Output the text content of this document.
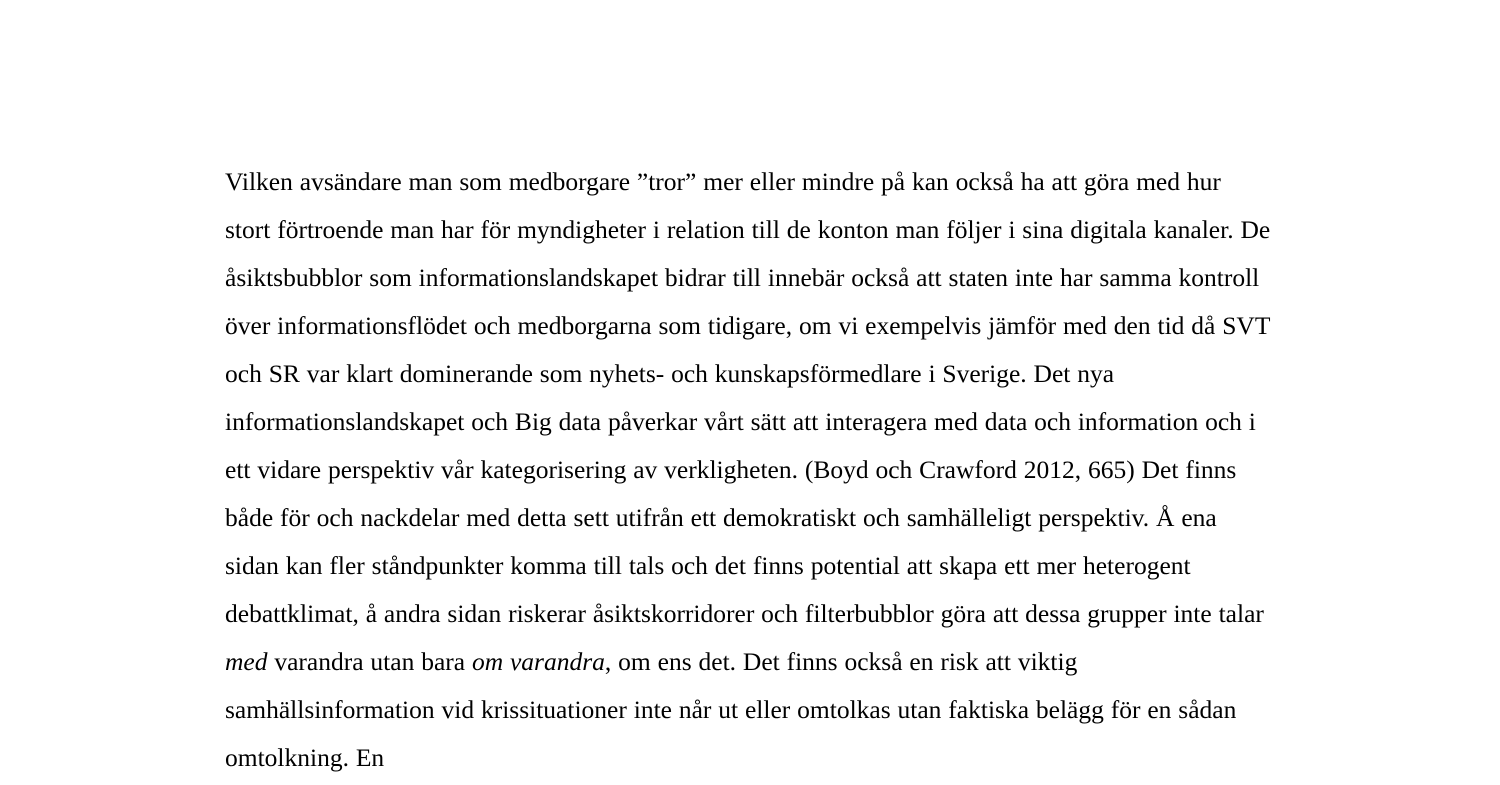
Vilken avsändare man som medborgare ”tror” mer eller mindre på kan också ha att göra med hur stort förtroende man har för myndigheter i relation till de konton man följer i sina digitala kanaler. De åsiktsbubblor som informationslandskapet bidrar till innebär också att staten inte har samma kontroll över informationsflödet och medborgarna som tidigare, om vi exempelvis jämför med den tid då SVT och SR var klart dominerande som nyhets- och kunskapsförmedlare i Sverige. Det nya informationslandskapet och Big data påverkar vårt sätt att interagera med data och information och i ett vidare perspektiv vår kategorisering av verkligheten. (Boyd och Crawford 2012, 665) Det finns både för och nackdelar med detta sett utifrån ett demokratiskt och samhälleligt perspektiv. Å ena sidan kan fler ståndpunkter komma till tals och det finns potential att skapa ett mer heterogent debattklimat, å andra sidan riskerar åsiktskorridorer och filterbubblor göra att dessa grupper inte talar med varandra utan bara om varandra, om ens det. Det finns också en risk att viktig samhällsinformation vid krissituationer inte når ut eller omtolkas utan faktiska belägg för en sådan omtolkning. En
